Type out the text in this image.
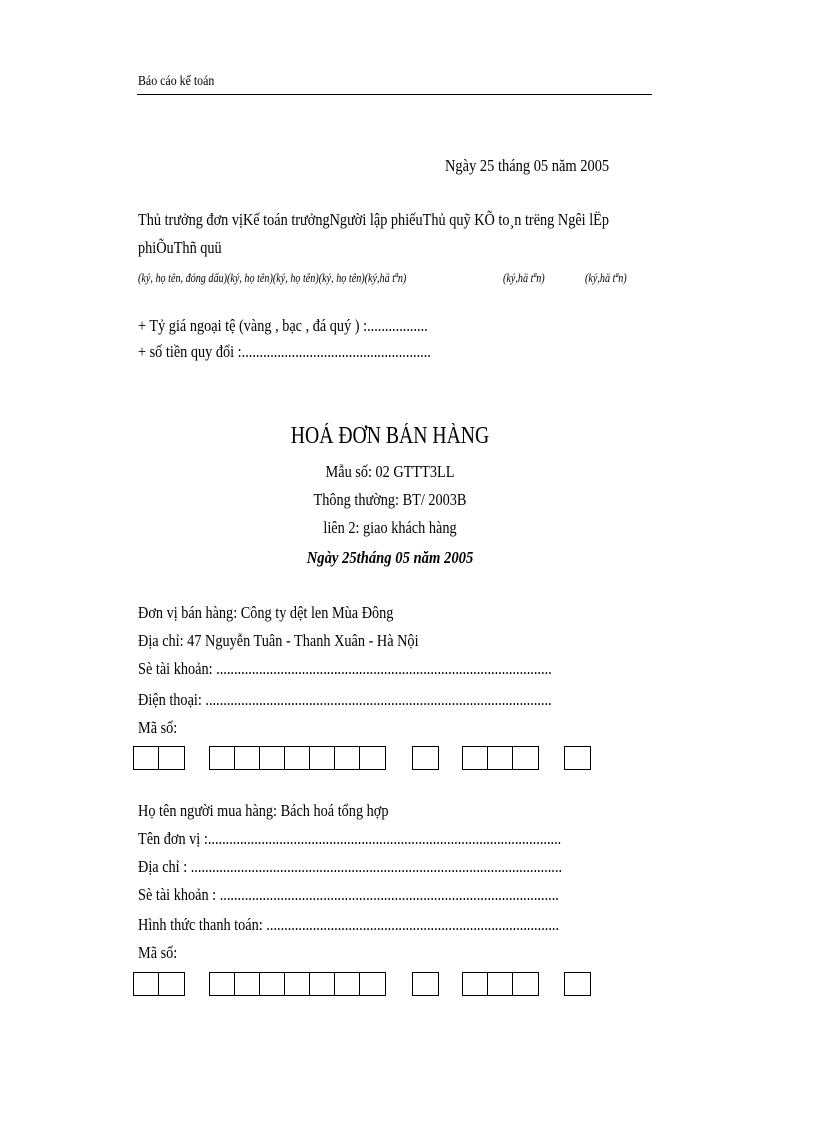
Báo cáo kế toán
Ngày 25 tháng 05 năm 2005
Thủ trưởng đơn vịKế toán trưởngNgười lập phiếuThủ quỹ KÕ to¸n trëng Ngêi lËp
phiÕuThñ quü
(ký, họ tên, đóng dấu)(ký, họ tên)(ký, họ tên)(ký, họ tên)(ký,hä tªn)	(ký,hä tªn)	(ký,hä tªn)
+ Tỷ giá ngoại tệ (vàng , bạc , đá quý ) :.................
+ số tiền quy đổi :.....................................................
HOÁ ĐƠN BÁN HÀNG
Mẫu số: 02 GTTT3LL
Thông thường: BT/ 2003B
liên 2: giao khách hàng
Ngày 25tháng 05 năm 2005
Đơn vị bán hàng: Công ty dệt len Mùa Đông
Địa chỉ: 47 Nguyễn Tuân - Thanh Xuân - Hà Nội
Sè tài khoản: ..............................................................................................
Điện thoại: .................................................................................................
Mã số:
Họ tên người mua hàng: Bách hoá tổng hợp
Tên đơn vị :...................................................................................................
Địa chỉ : ........................................................................................................
Sè tài khoản : ...............................................................................................
Hình thức thanh toán: ..................................................................................
Mã số:
